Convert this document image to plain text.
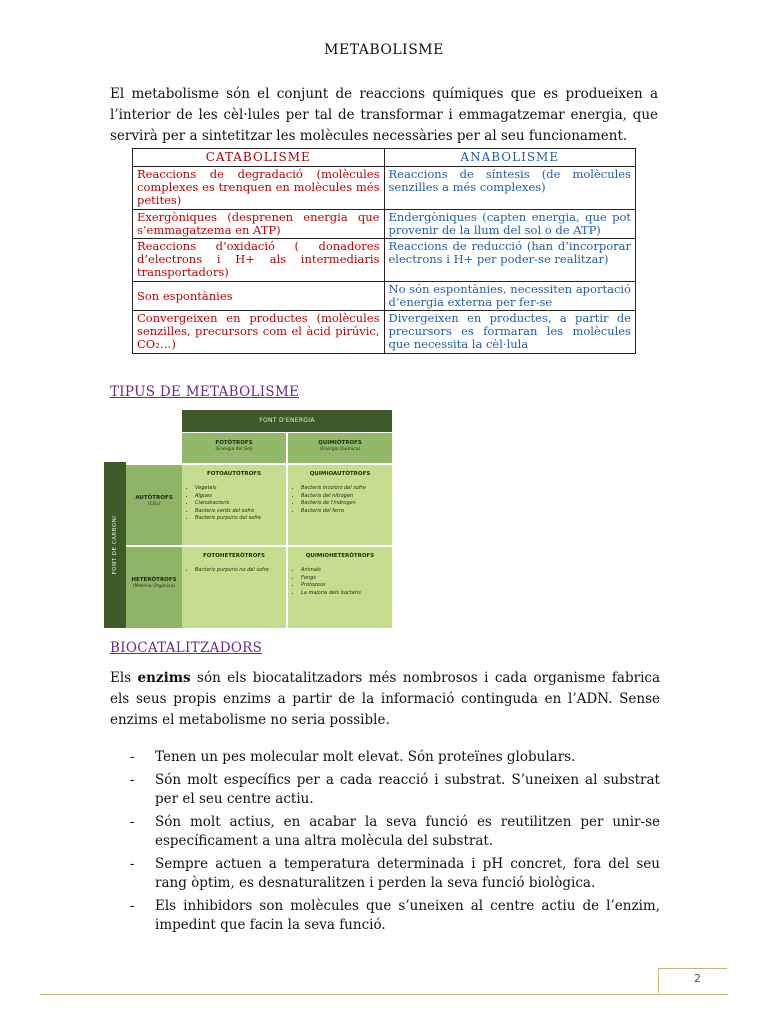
METABOLISME
El metabolisme són el conjunt de reaccions químiques que es produeixen a l’interior de les cèl·lules per tal de transformar i emmagatzemar energia, que servirà per a sintetitzar les molècules necessàries per al seu funcionament.
CATABOLISME	ANABOLISME
Reaccions de degradació (molècules complexes es trenquen en molècules més petites)	Reaccions de síntesis (de molècules senzilles a més complexes)
Exergòniques (desprenen energia que s’emmagatzema en ATP)	Endergòniques (capten energia, que pot provenir de la llum del sol o de ATP)
Reaccions d’oxidació ( donadores d’electrons i H+ als intermediaris transportadors)	Reaccions de reducció (han d’incorporar electrons i H+ per poder-se realitzar)
Son espontànies	No són espontànies, necessiten aportació d’energia externa per fer-se
Convergeixen en productes (molècules senzilles, precursors com el àcid pirúvic, CO₂…)	Divergeixen en productes, a partir de precursors es formaran les molècules que necessita la cèl·lula
TIPUS DE METABOLISME
FONT D'ENERGIA
FOTÒTROFS
(Energia del Sol)
QUIMIÒTROFS
(Energia Química)
FONT DE CARBONI
AUTÒTROFS
(CO₂)
HETERÒTROFS
(Matèria Orgànica)
FOTOAUTÒTROFS
• Vegetals
• Algues
• Cianobacteris
• Bacteris verds del sofre
• Bacteris purpuris del sofre
QUIMIOAUTÒTROFS
• Bacteris incolors del sofre
• Bacteris del nitrogen
• Bacteris de l'hidrogen
• Bacteris del ferro
FOTOHETERÒTROFS
• Bacteris purpuris no del sofre
QUIMIOHETERÒTROFS
• Animals
• Fongs
• Protozous
• La majoria dels bacteris
BIOCATALITZADORS
Els enzims són els biocatalitzadors més nombrosos i cada organisme fabrica els seus propis enzims a partir de la informació continguda en l’ADN. Sense enzims el metabolisme no seria possible.
- Tenen un pes molecular molt elevat. Són proteïnes globulars.
- Són molt específics per a cada reacció i substrat. S’uneixen al substrat per el seu centre actiu.
- Són molt actius, en acabar la seva funció es reutilitzen per unir-se específicament a una altra molècula del substrat.
- Sempre actuen a temperatura determinada i pH concret, fora del seu rang òptim, es desnaturalitzen i perden la seva funció biològica.
- Els inhibidors son molècules que s’uneixen al centre actiu de l’enzim, impedint que facin la seva funció.
2
